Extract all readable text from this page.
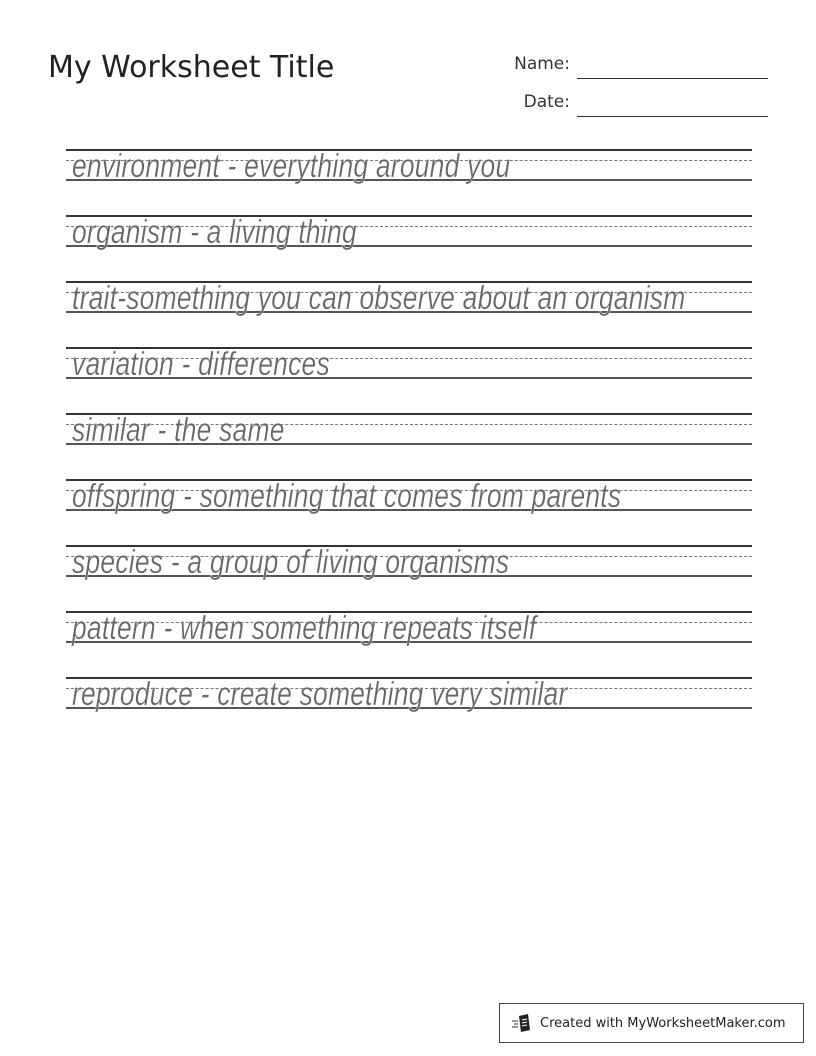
My Worksheet Title	Name:
Date:
environment - everything around you
organism - a living thing
trait-something you can observe about an organism
variation - differences
similar - the same
offspring - something that comes from parents
species - a group of living organisms
pattern - when something repeats itself
reproduce - create something very similar
Created with MyWorksheetMaker.com
